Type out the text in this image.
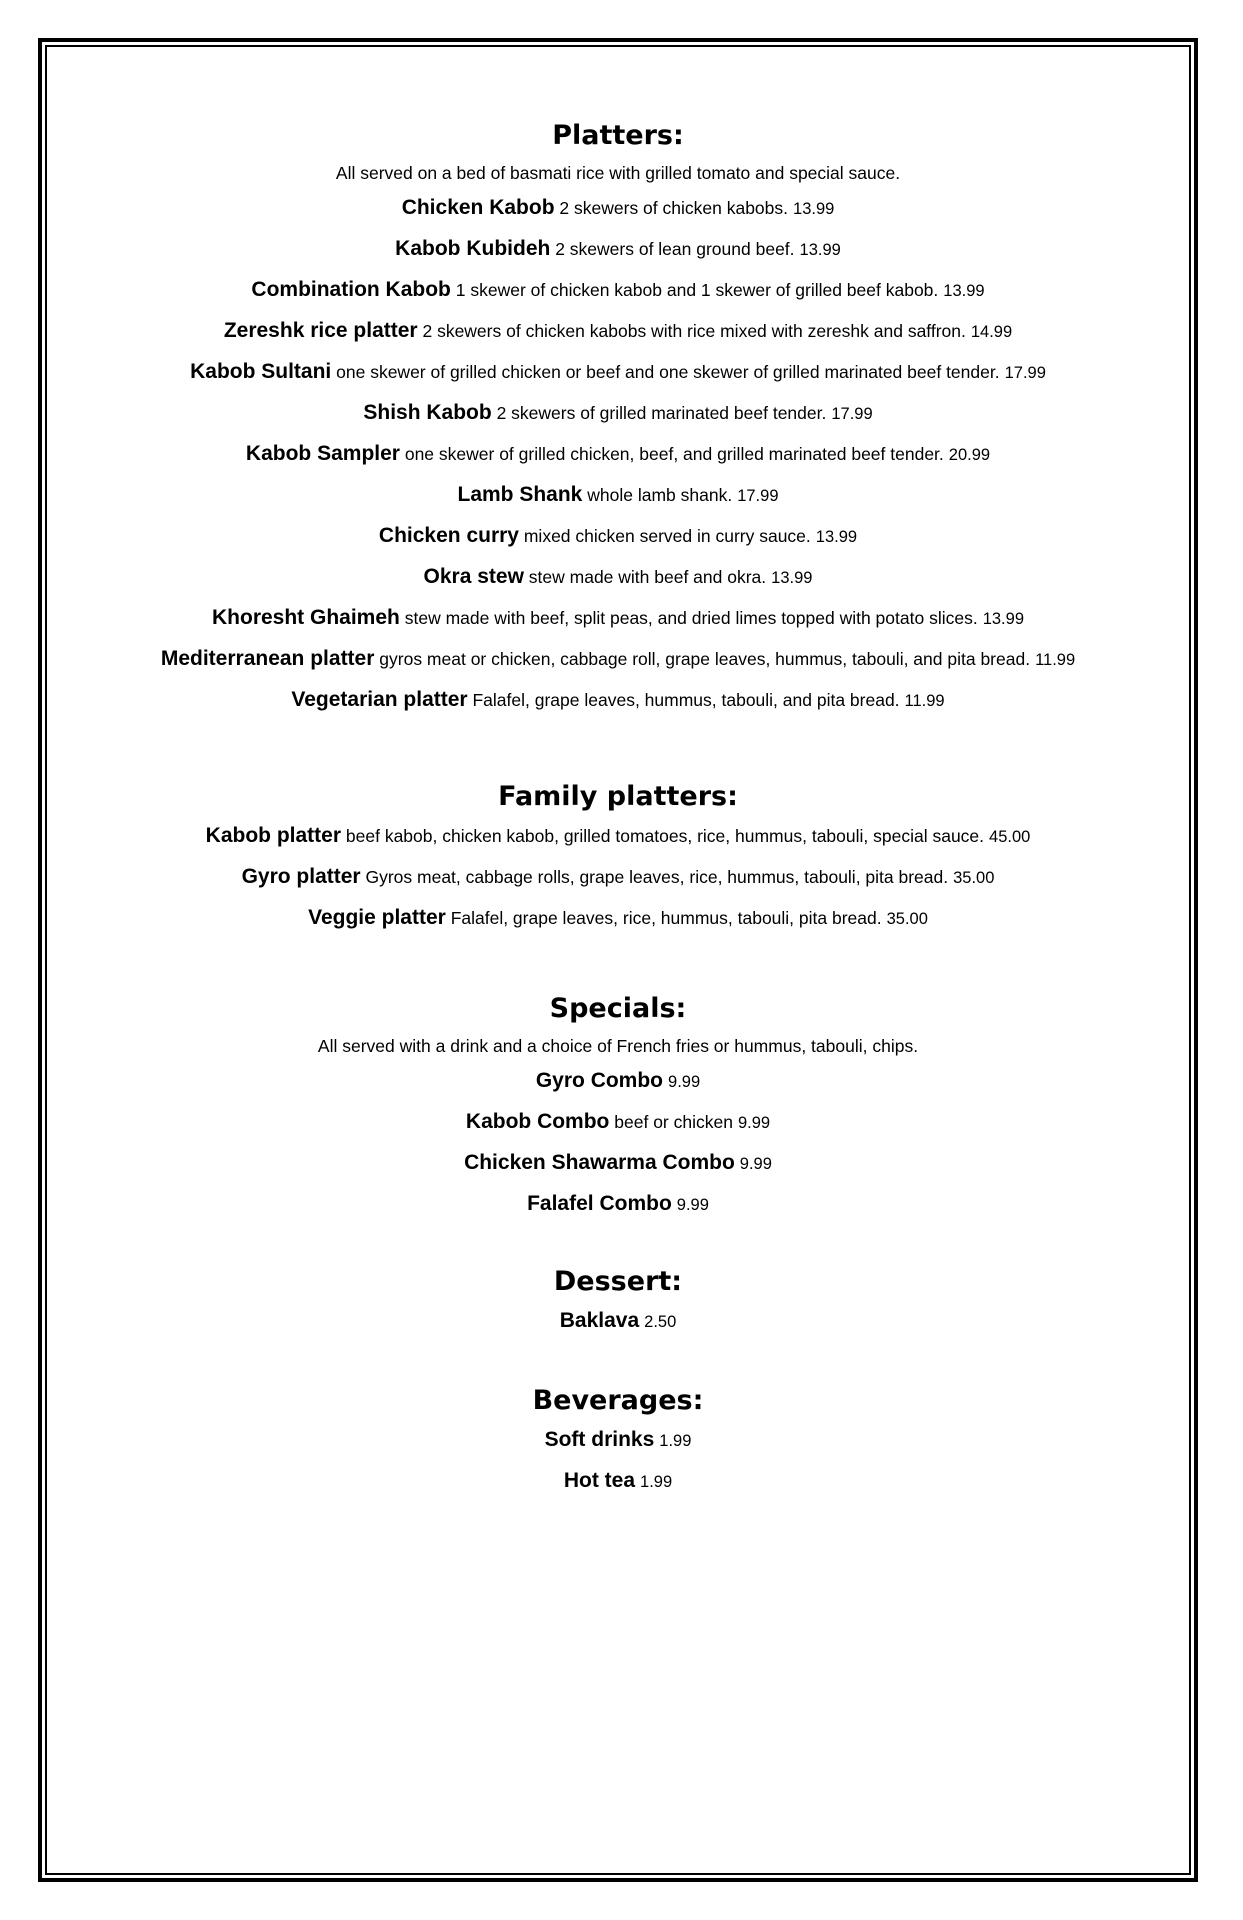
Platters:
All served on a bed of basmati rice with grilled tomato and special sauce.
Chicken Kabob 2 skewers of chicken kabobs. 13.99
Kabob Kubideh 2 skewers of lean ground beef. 13.99
Combination Kabob 1 skewer of chicken kabob and 1 skewer of grilled beef kabob. 13.99
Zereshk rice platter 2 skewers of chicken kabobs with rice mixed with zereshk and saffron. 14.99
Kabob Sultani one skewer of grilled chicken or beef and one skewer of grilled marinated beef tender. 17.99
Shish Kabob 2 skewers of grilled marinated beef tender. 17.99
Kabob Sampler one skewer of grilled chicken, beef, and grilled marinated beef tender. 20.99
Lamb Shank whole lamb shank. 17.99
Chicken curry mixed chicken served in curry sauce. 13.99
Okra stew stew made with beef and okra. 13.99
Khoresht Ghaimeh stew made with beef, split peas, and dried limes topped with potato slices. 13.99
Mediterranean platter gyros meat or chicken, cabbage roll, grape leaves, hummus, tabouli, and pita bread. 11.99
Vegetarian platter Falafel, grape leaves, hummus, tabouli, and pita bread. 11.99
Family platters:
Kabob platter beef kabob, chicken kabob, grilled tomatoes, rice, hummus, tabouli, special sauce. 45.00
Gyro platter Gyros meat, cabbage rolls, grape leaves, rice, hummus, tabouli, pita bread. 35.00
Veggie platter Falafel, grape leaves, rice, hummus, tabouli, pita bread. 35.00
Specials:
All served with a drink and a choice of French fries or hummus, tabouli, chips.
Gyro Combo 9.99
Kabob Combo beef or chicken 9.99
Chicken Shawarma Combo 9.99
Falafel Combo 9.99
Dessert:
Baklava 2.50
Beverages:
Soft drinks 1.99
Hot tea 1.99
